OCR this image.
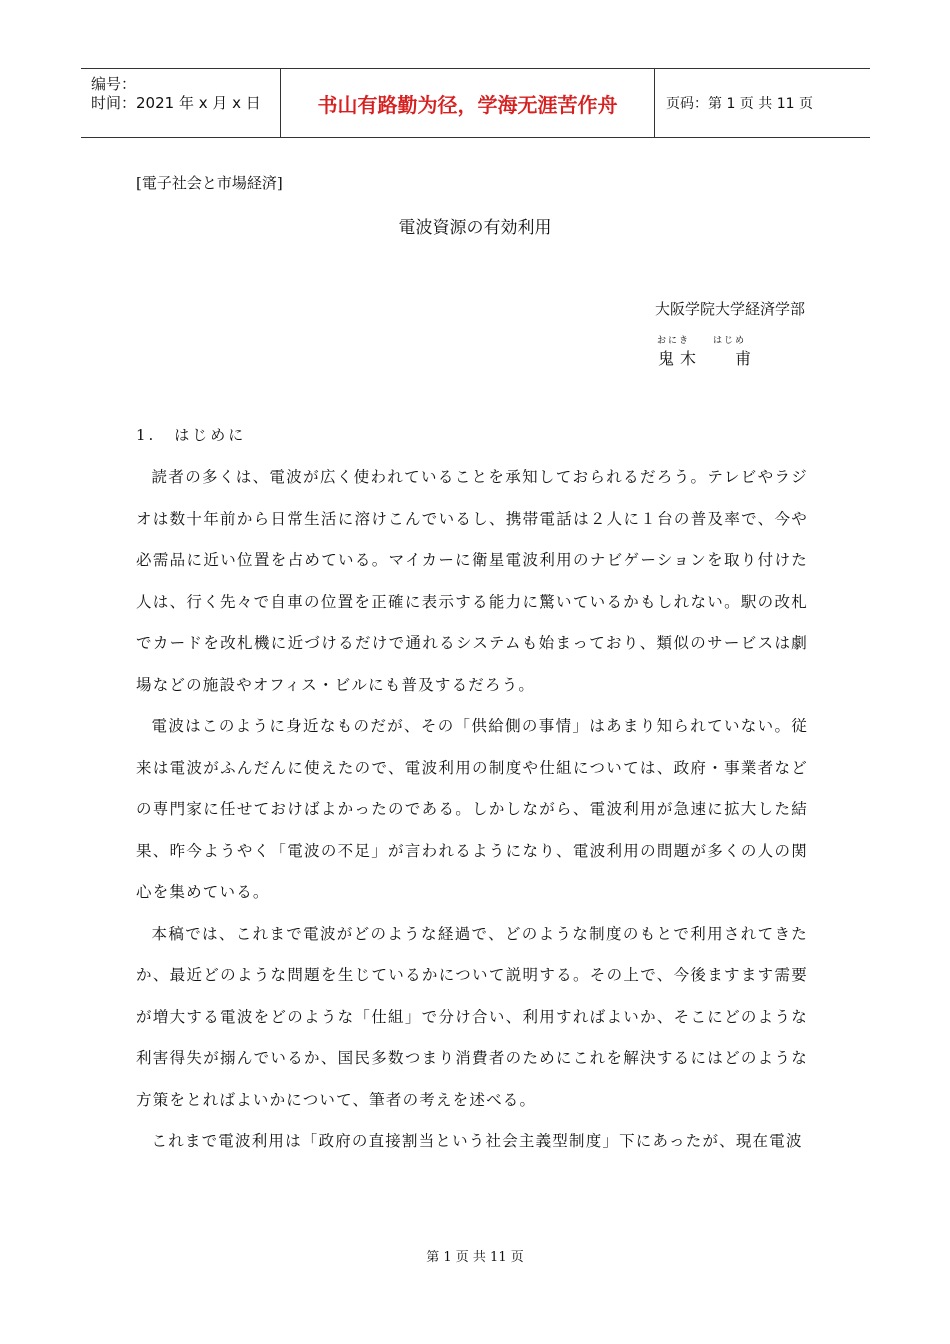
编号：
时间：2021 年 x 月 x 日	书山有路勤为径，学海无涯苦作舟	页码：第 1 页 共 11 页
[電子社会と市場経済]
電波資源の有効利用
大阪学院大学経済学部
おにき	はじめ
鬼木　 甫
1.　はじめに

読者の多くは、電波が広く使われていることを承知しておられるだろう。テレビやラジオは数十年前から日常生活に溶けこんでいるし、携帯電話は２人に１台の普及率で、今や必需品に近い位置を占めている。マイカーに衛星電波利用のナビゲーションを取り付けた人は、行く先々で自車の位置を正確に表示する能力に驚いているかもしれない。駅の改札でカードを改札機に近づけるだけで通れるシステムも始まっており、類似のサービスは劇場などの施設やオフィス・ビルにも普及するだろう。

電波はこのように身近なものだが、その「供給側の事情」はあまり知られていない。従来は電波がふんだんに使えたので、電波利用の制度や仕組については、政府・事業者などの専門家に任せておけばよかったのである。しかしながら、電波利用が急速に拡大した結果、昨今ようやく「電波の不足」が言われるようになり、電波利用の問題が多くの人の関心を集めている。

本稿では、これまで電波がどのような経過で、どのような制度のもとで利用されてきたか、最近どのような問題を生じているかについて説明する。その上で、今後ますます需要が増大する電波をどのような「仕組」で分け合い、利用すればよいか、そこにどのような利害得失が搦んでいるか、国民多数つまり消費者のためにこれを解決するにはどのような方策をとればよいかについて、筆者の考えを述べる。

これまで電波利用は「政府の直接割当という社会主義型制度」下にあったが、現在電波

第 1 页 共 11 页
